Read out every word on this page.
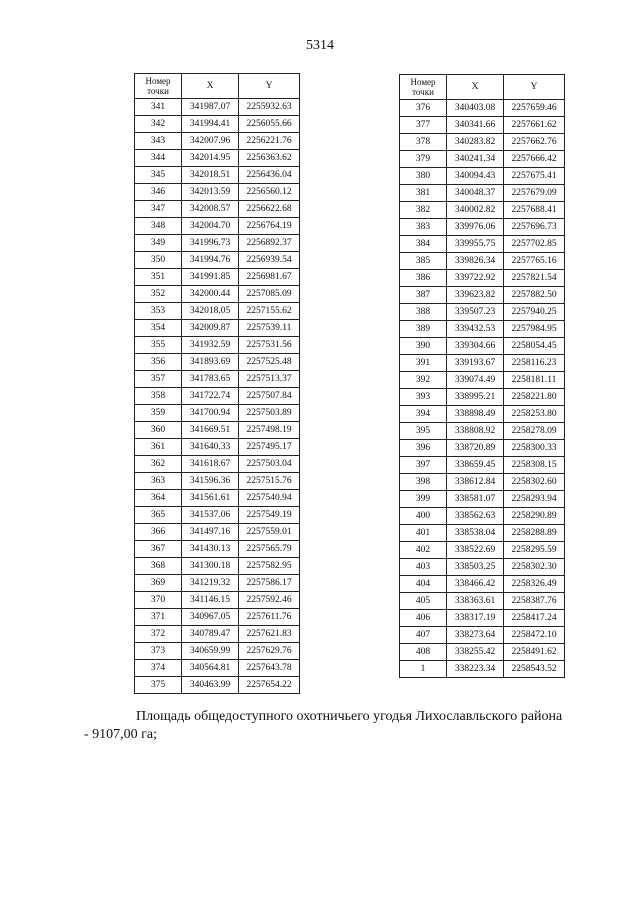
5314
Номер
точки	X	Y
341	341987.07	2255932.63
342	341994.41	2256055.66
343	342007.96	2256221.76
344	342014.95	2256363.62
345	342018.51	2256436.04
346	342013.59	2256560.12
347	342008.57	2256622.68
348	342004.70	2256764.19
349	341996.73	2256892.37
350	341994.76	2256939.54
351	341991.85	2256981.67
352	342000.44	2257085.09
353	342018.05	2257155.62
354	342009.87	2257539.11
355	341932.59	2257531.56
356	341893.69	2257525.48
357	341783.65	2257513.37
358	341722.74	2257507.84
359	341700.94	2257503.89
360	341669.51	2257498.19
361	341640.33	2257495.17
362	341618.67	2257503.04
363	341596.36	2257515.76
364	341561.61	2257540.94
365	341537.06	2257549.19
366	341497.16	2257559.01
367	341430.13	2257565.79
368	341300.18	2257582.95
369	341219.32	2257586.17
370	341146.15	2257592.46
371	340967.05	2257611.76
372	340789.47	2257621.83
373	340659.99	2257629.76
374	340564.81	2257643.78
375	340463.99	2257654.22
Номер
точки	X	Y
376	340403.08	2257659.46
377	340341.66	2257661.62
378	340283.82	2257662.76
379	340241.34	2257666.42
380	340094.43	2257675.41
381	340048.37	2257679.09
382	340002.82	2257688.41
383	339976.06	2257696.73
384	339955.75	2257702.85
385	339826.34	2257765.16
386	339722.92	2257821.54
387	339623.82	2257882.50
388	339507.23	2257940.25
389	339432.53	2257984.95
390	339304.66	2258054.45
391	339193.67	2258116.23
392	339074.49	2258181.11
393	338995.21	2258221.80
394	338898.49	2258253.80
395	338808.92	2258278.09
396	338720.89	2258300.33
397	338659.45	2258308.15
398	338612.84	2258302.60
399	338581.07	2258293.94
400	338562.63	2258290.89
401	338538.04	2258288.89
402	338522.69	2258295.59
403	338503.25	2258302.30
404	338466.42	2258326.49
405	338363.61	2258387.76
406	338317.19	2258417.24
407	338273.64	2258472.10
408	338255.42	2258491.62
1	338223.34	2258543.52
Площадь общедоступного охотничьего угодья Лихославльского района
- 9107,00 га;
